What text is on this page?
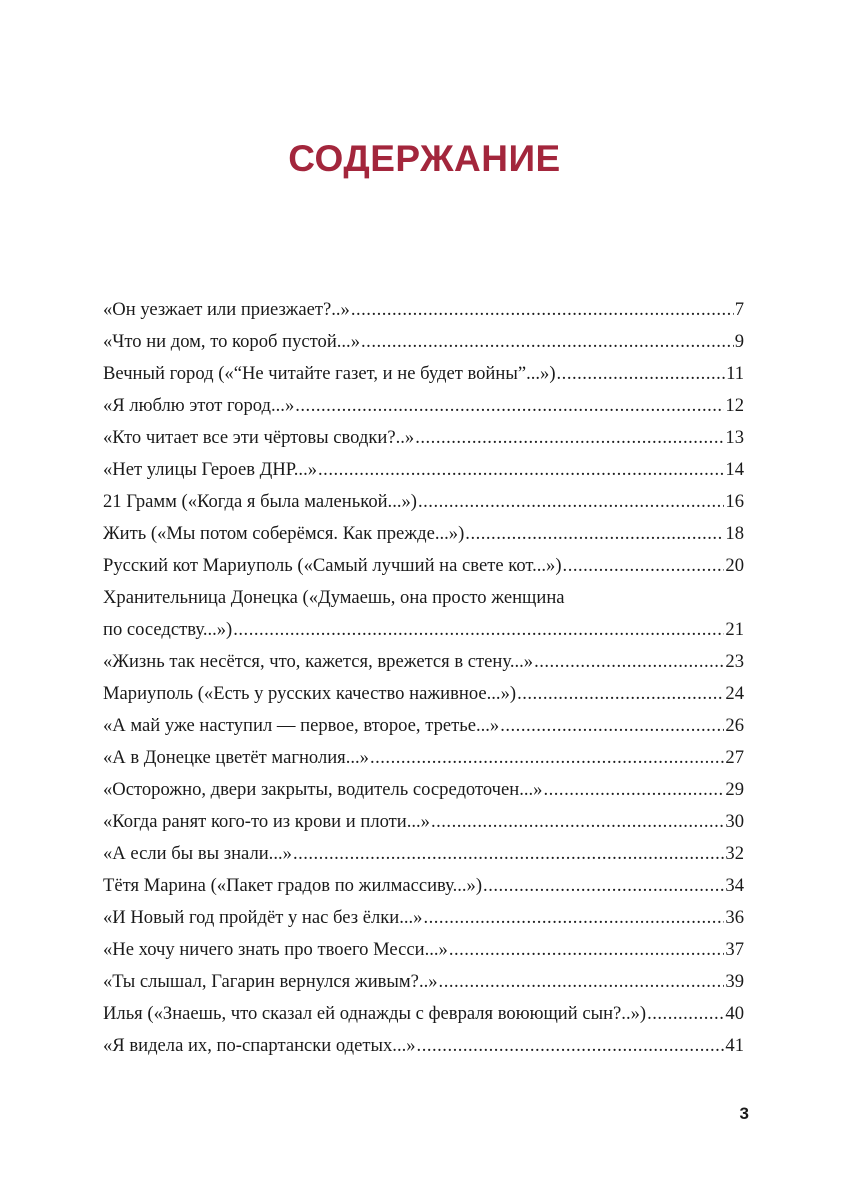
СОДЕРЖАНИЕ
«Он уезжает или приезжает?..» .....	7
«Что ни дом, то короб пустой...» .....	9
Вечный город («“Не читайте газет, и не будет войны”...») .....	11
«Я люблю этот город...» .....	12
«Кто читает все эти чёртовы сводки?..» .....	13
«Нет улицы Героев ДНР...» .....	14
21 Грамм («Когда я была маленькой...») .....	16
Жить («Мы потом соберёмся. Как прежде...») .....	18
Русский кот Мариуполь («Самый лучший на свете кот...») .....	20
Хранительница Донецка («Думаешь, она просто женщина
по соседству...») .....	21
«Жизнь так несётся, что, кажется, врежется в стену...» .....	23
Мариуполь («Есть у русских качество наживное...») .....	24
«А май уже наступил — первое, второе, третье...» .....	26
«А в Донецке цветёт магнолия...» .....	27
«Осторожно, двери закрыты, водитель сосредоточен...» .....	29
«Когда ранят кого-то из крови и плоти...» .....	30
«А если бы вы знали...» .....	32
Тётя Марина («Пакет градов по жилмассиву...») .....	34
«И Новый год пройдёт у нас без ёлки...» .....	36
«Не хочу ничего знать про твоего Месси...» .....	37
«Ты слышал, Гагарин вернулся живым?..» .....	39
Илья («Знаешь, что сказал ей однажды с февраля воюющий сын?..») .....	40
«Я видела их, по-спартански одетых...» .....	41
3
